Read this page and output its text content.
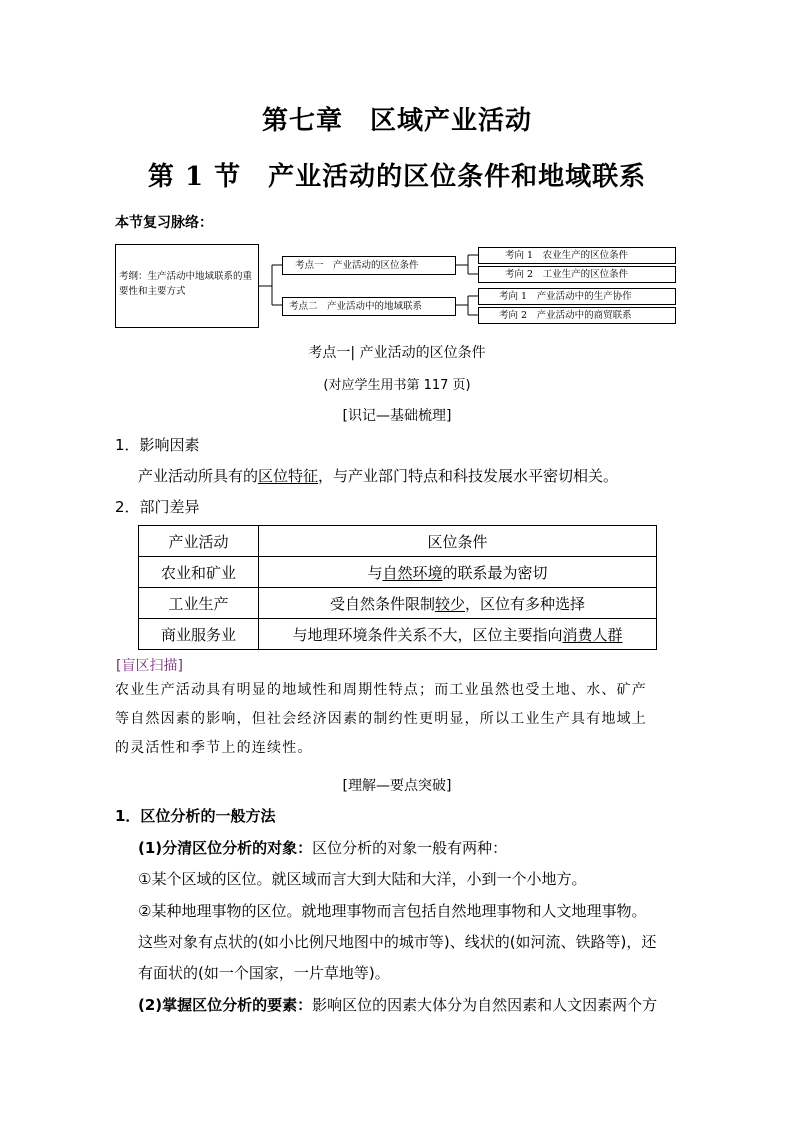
第七章　区域产业活动
第 1 节　产业活动的区位条件和地域联系
本节复习脉络：
考纲：生产活动中地域联系的重要性和主要方式
考点一　产业活动的区位条件
考点二　产业活动中的地域联系
考向 1　农业生产的区位条件
考向 2　工业生产的区位条件
考向 1　产业活动中的生产协作
考向 2　产业活动中的商贸联系
考点一| 产业活动的区位条件
(对应学生用书第 117 页)
[识记—基础梳理]
1．影响因素
产业活动所具有的区位特征，与产业部门特点和科技发展水平密切相关。
2．部门差异
产业活动	区位条件
农业和矿业	与自然环境的联系最为密切
工业生产	受自然条件限制较少，区位有多种选择
商业服务业	与地理环境条件关系不大，区位主要指向消费人群
[盲区扫描]
农业生产活动具有明显的地域性和周期性特点；而工业虽然也受土地、水、矿产
等自然因素的影响，但社会经济因素的制约性更明显，所以工业生产具有地域上
的灵活性和季节上的连续性。
[理解—要点突破]
1．区位分析的一般方法
(1)分清区位分析的对象：区位分析的对象一般有两种：
①某个区域的区位。就区域而言大到大陆和大洋，小到一个小地方。
②某种地理事物的区位。就地理事物而言包括自然地理事物和人文地理事物。
这些对象有点状的(如小比例尺地图中的城市等)、线状的(如河流、铁路等)，还
有面状的(如一个国家，一片草地等)。
(2)掌握区位分析的要素：影响区位的因素大体分为自然因素和人文因素两个方
